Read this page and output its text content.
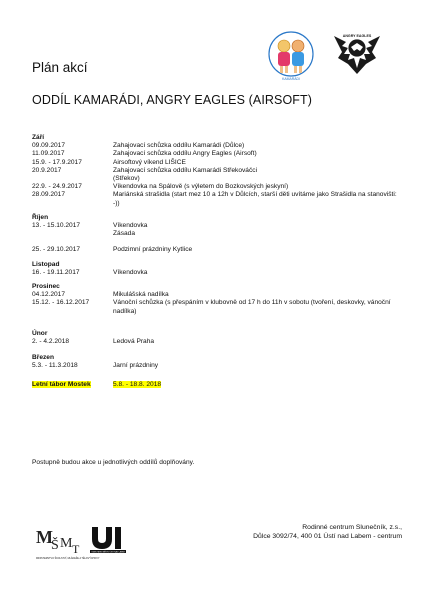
Plán akcí
ODDÍL KAMARÁDI, ANGRY EAGLES (AIRSOFT)
KAMARÁDI
ANGRY EAGLES
Září
09.09.2017	Zahajovací schůzka oddílu Kamarádi (Důlce)
11.09.2017	Zahajovací schůzka oddílu Angry Eagles (Airsoft)
15.9. - 17.9.2017	Airsoftový víkend LIŠICE
20.9.2017	Zahajovací schůzka oddílu Kamarádi Střekováčci
(Střekov)
22.9. - 24.9.2017	Víkendovka na Spálově (s výletem do Bozkovských jeskyní)
28.09.2017	Mariánská strašidla (start mez 10 a 12h v Důlcích, starší děti uvítáme jako Strašidla na stanovišti: -))
Říjen
13. - 15.10.2017	Víkendovka
Zásada
25. - 29.10.2017	Podzimní prázdniny Kytlice
Listopad
16. - 19.11.2017	Víkendovka
Prosinec
04.12.2017	Mikulášská nadílka
15.12. - 16.12.2017	Vánoční schůzka (s přespáním v klubovně od 17 h do 11h v sobotu (tvoření, deskovky, vánoční nadílka)
Únor
2. - 4.2.2018	Ledová Praha
Březen
5.3. - 11.3.2018	Jarní prázdniny
Letní tábor Mostek	5.8. - 18.8. 2018
Postupně budou akce u jednotlivých oddílů doplňovány.
M
Š M T
MINISTERSTVO ŠKOLSTVÍ, MLÁDEŽE A TĚLOVÝCHOVY
STATUTÁRNÍ MĚSTO ÚSTÍ NAD LABEM
Rodinné centrum Slunečník, z.s.,
Důlce 3092/74, 400 01 Ústí nad Labem - centrum
